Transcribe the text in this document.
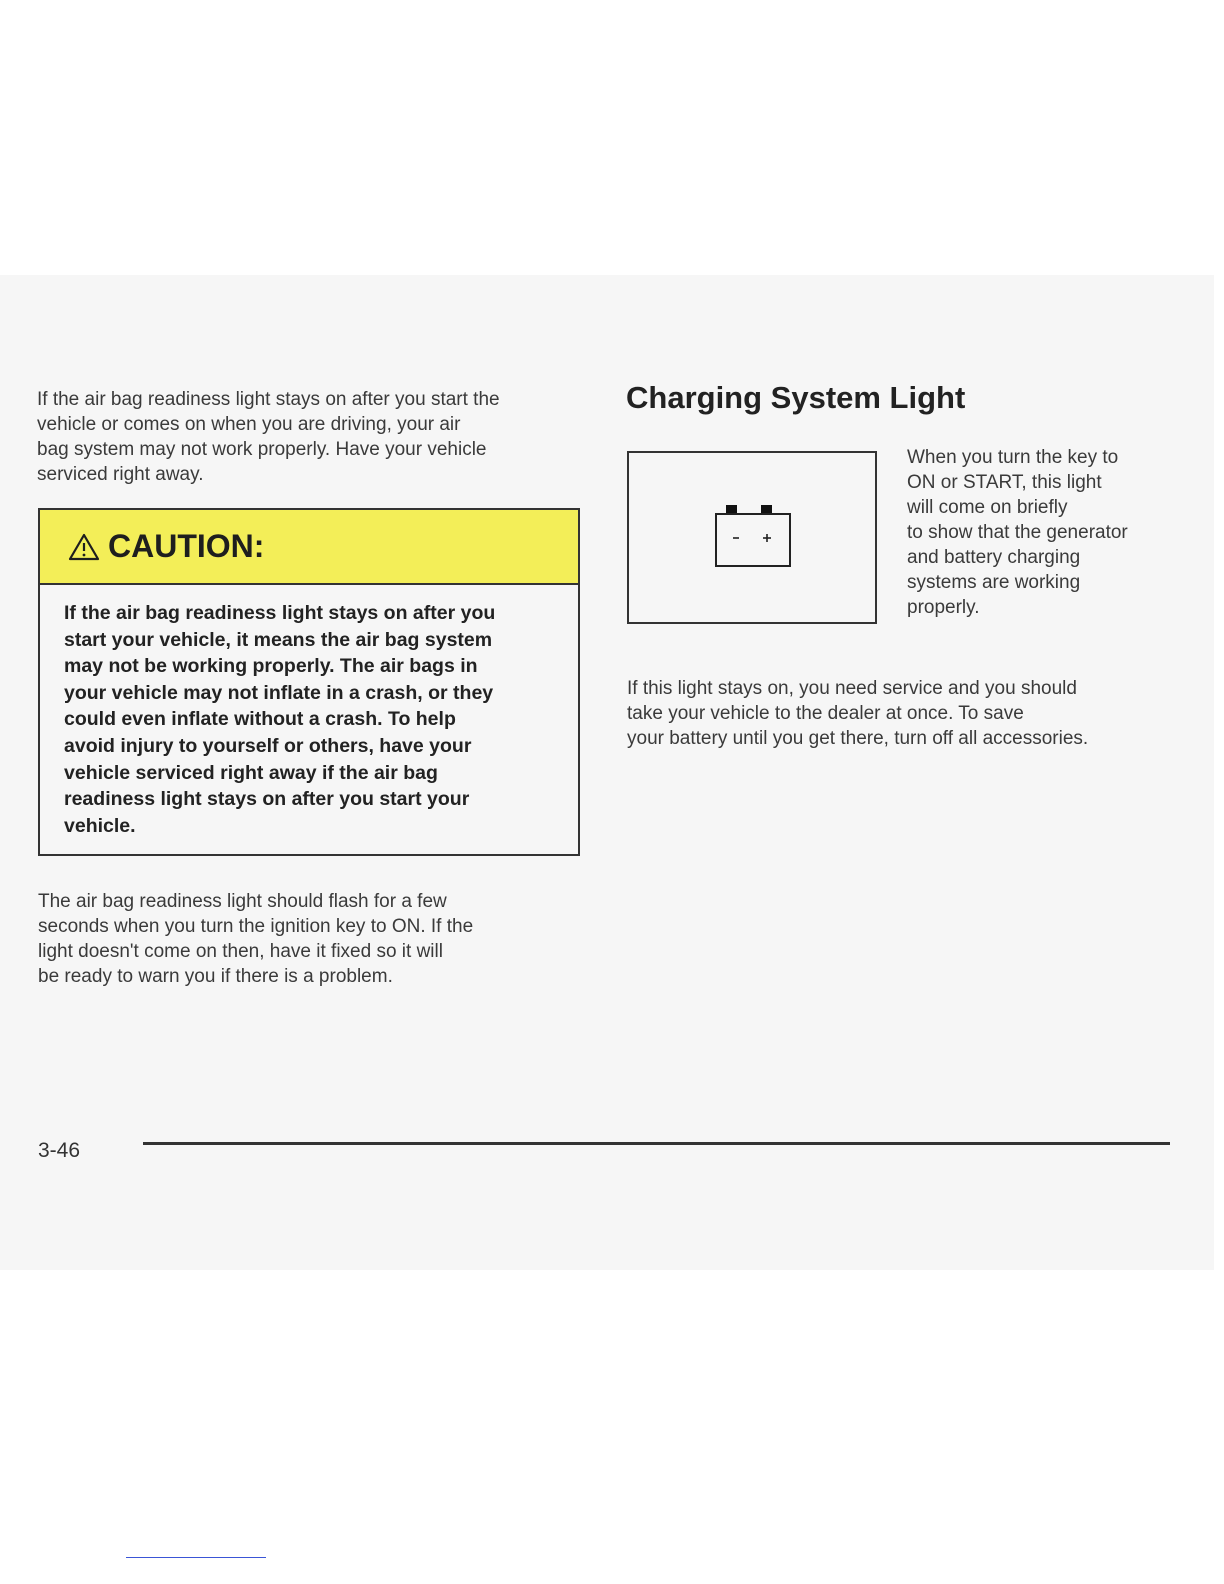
If the air bag readiness light stays on after you start the
vehicle or comes on when you are driving, your air
bag system may not work properly. Have your vehicle
serviced right away.

CAUTION:
If the air bag readiness light stays on after you
start your vehicle, it means the air bag system
may not be working properly. The air bags in
your vehicle may not inflate in a crash, or they
could even inflate without a crash. To help
avoid injury to yourself or others, have your
vehicle serviced right away if the air bag
readiness light stays on after you start your
vehicle.

The air bag readiness light should flash for a few
seconds when you turn the ignition key to ON. If the
light doesn't come on then, have it fixed so it will
be ready to warn you if there is a problem.

Charging System Light

When you turn the key to
ON or START, this light
will come on briefly
to show that the generator
and battery charging
systems are working
properly.

If this light stays on, you need service and you should
take your vehicle to the dealer at once. To save
your battery until you get there, turn off all accessories.

3-46
